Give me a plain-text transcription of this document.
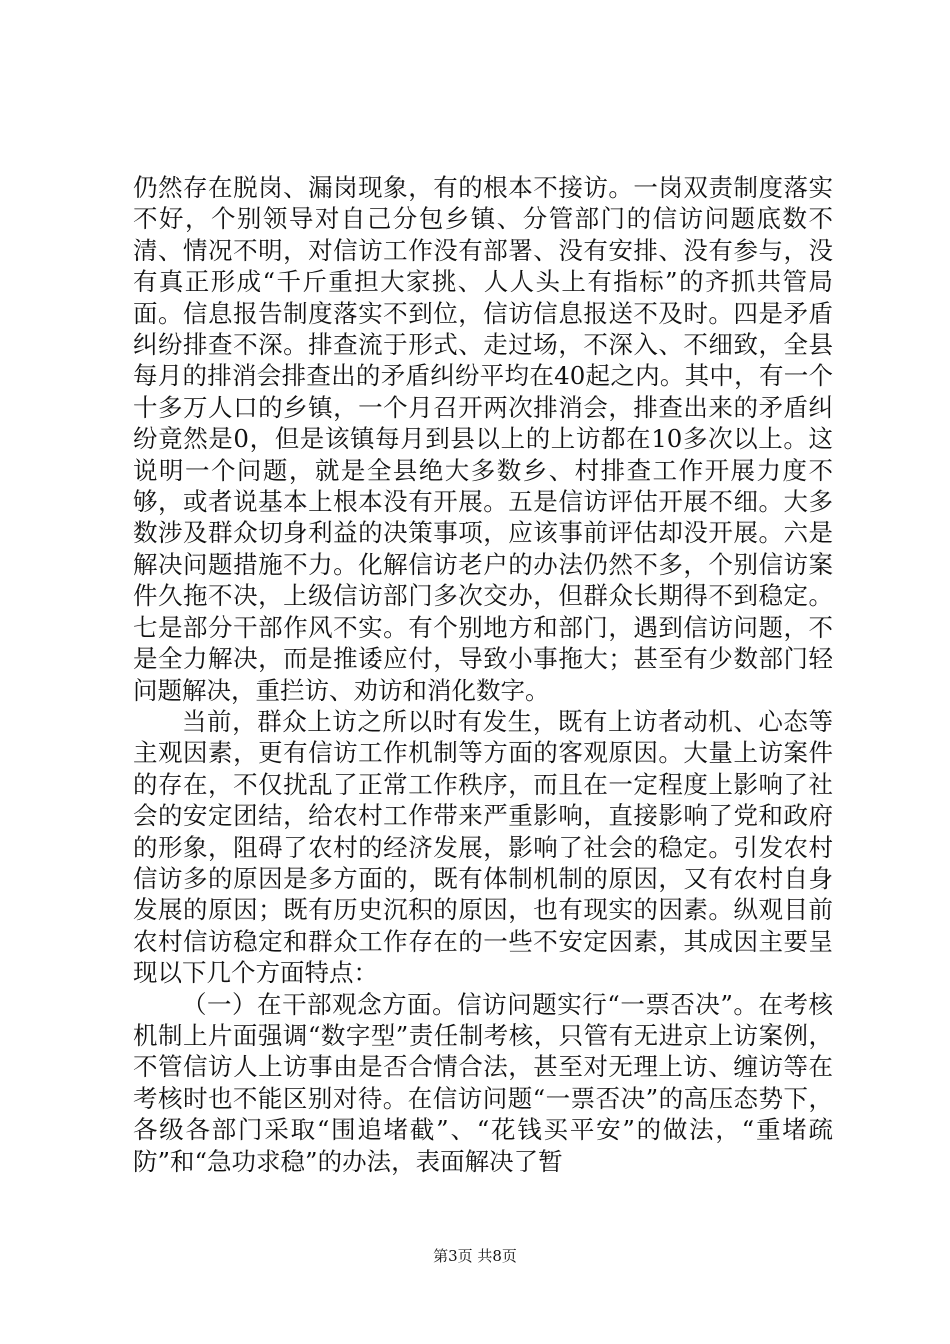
仍然存在脱岗、漏岗现象，有的根本不接访。一岗双责制度落实不好，个别领导对自己分包乡镇、分管部门的信访问题底数不清、情况不明，对信访工作没有部署、没有安排、没有参与，没有真正形成“千斤重担大家挑、人人头上有指标”的齐抓共管局面。信息报告制度落实不到位，信访信息报送不及时。四是矛盾纠纷排查不深。排查流于形式、走过场，不深入、不细致，全县每月的排消会排查出的矛盾纠纷平均在40起之内。其中，有一个十多万人口的乡镇，一个月召开两次排消会，排查出来的矛盾纠纷竟然是0，但是该镇每月到县以上的上访都在10多次以上。这说明一个问题，就是全县绝大多数乡、村排查工作开展力度不够，或者说基本上根本没有开展。五是信访评估开展不细。大多数涉及群众切身利益的决策事项，应该事前评估却没开展。六是解决问题措施不力。化解信访老户的办法仍然不多，个别信访案件久拖不决，上级信访部门多次交办，但群众长期得不到稳定。七是部分干部作风不实。有个别地方和部门，遇到信访问题，不是全力解决，而是推诿应付，导致小事拖大；甚至有少数部门轻问题解决，重拦访、劝访和消化数字。

当前，群众上访之所以时有发生，既有上访者动机、心态等主观因素，更有信访工作机制等方面的客观原因。大量上访案件的存在，不仅扰乱了正常工作秩序，而且在一定程度上影响了社会的安定团结，给农村工作带来严重影响，直接影响了党和政府的形象，阻碍了农村的经济发展，影响了社会的稳定。引发农村信访多的原因是多方面的，既有体制机制的原因，又有农村自身发展的原因；既有历史沉积的原因，也有现实的因素。纵观目前农村信访稳定和群众工作存在的一些不安定因素，其成因主要呈现以下几个方面特点：

（一）在干部观念方面。信访问题实行“一票否决”。在考核机制上片面强调“数字型”责任制考核，只管有无进京上访案例，不管信访人上访事由是否合情合法，甚至对无理上访、缠访等在考核时也不能区别对待。在信访问题“一票否决”的高压态势下，各级各部门采取“围追堵截”、“花钱买平安”的做法，“重堵疏防”和“急功求稳”的办法，表面解决了暂

第3页 共8页
